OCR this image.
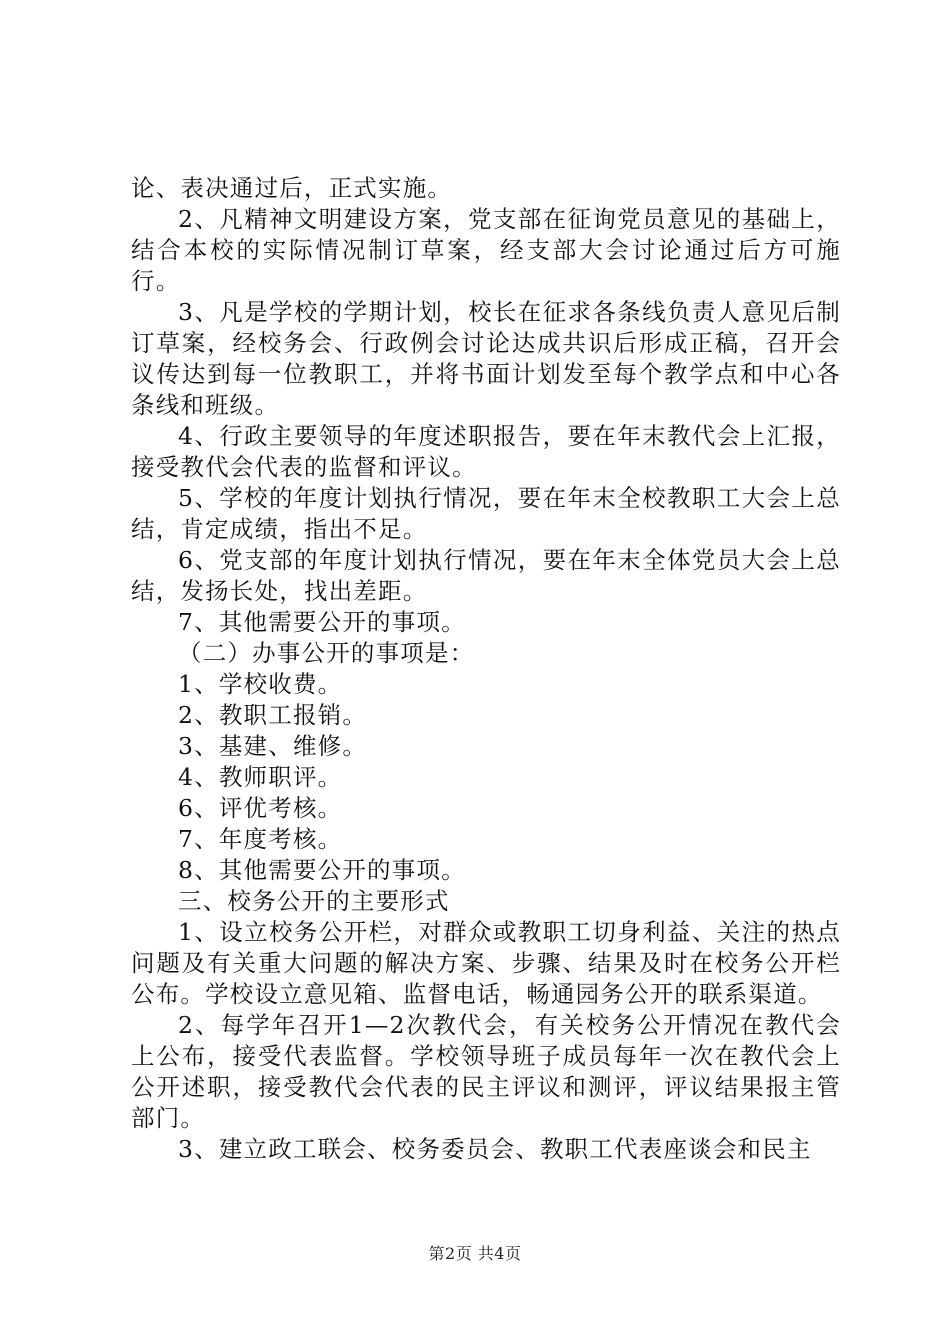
论、表决通过后，正式实施。

2、凡精神文明建设方案，党支部在征询党员意见的基础上，结合本校的实际情况制订草案，经支部大会讨论通过后方可施行。

3、凡是学校的学期计划，校长在征求各条线负责人意见后制订草案，经校务会、行政例会讨论达成共识后形成正稿，召开会议传达到每一位教职工，并将书面计划发至每个教学点和中心各条线和班级。

4、行政主要领导的年度述职报告，要在年末教代会上汇报，接受教代会代表的监督和评议。

5、学校的年度计划执行情况，要在年末全校教职工大会上总结，肯定成绩，指出不足。

6、党支部的年度计划执行情况，要在年末全体党员大会上总结，发扬长处，找出差距。

7、其他需要公开的事项。

（二）办事公开的事项是：

1、学校收费。

2、教职工报销。

3、基建、维修。

4、教师职评。

6、评优考核。

7、年度考核。

8、其他需要公开的事项。

三、校务公开的主要形式

1、设立校务公开栏，对群众或教职工切身利益、关注的热点问题及有关重大问题的解决方案、步骤、结果及时在校务公开栏公布。学校设立意见箱、监督电话，畅通园务公开的联系渠道。

2、每学年召开1—2次教代会，有关校务公开情况在教代会上公布，接受代表监督。学校领导班子成员每年一次在教代会上公开述职，接受教代会代表的民主评议和测评，评议结果报主管部门。

3、建立政工联会、校务委员会、教职工代表座谈会和民主

第2页 共4页
